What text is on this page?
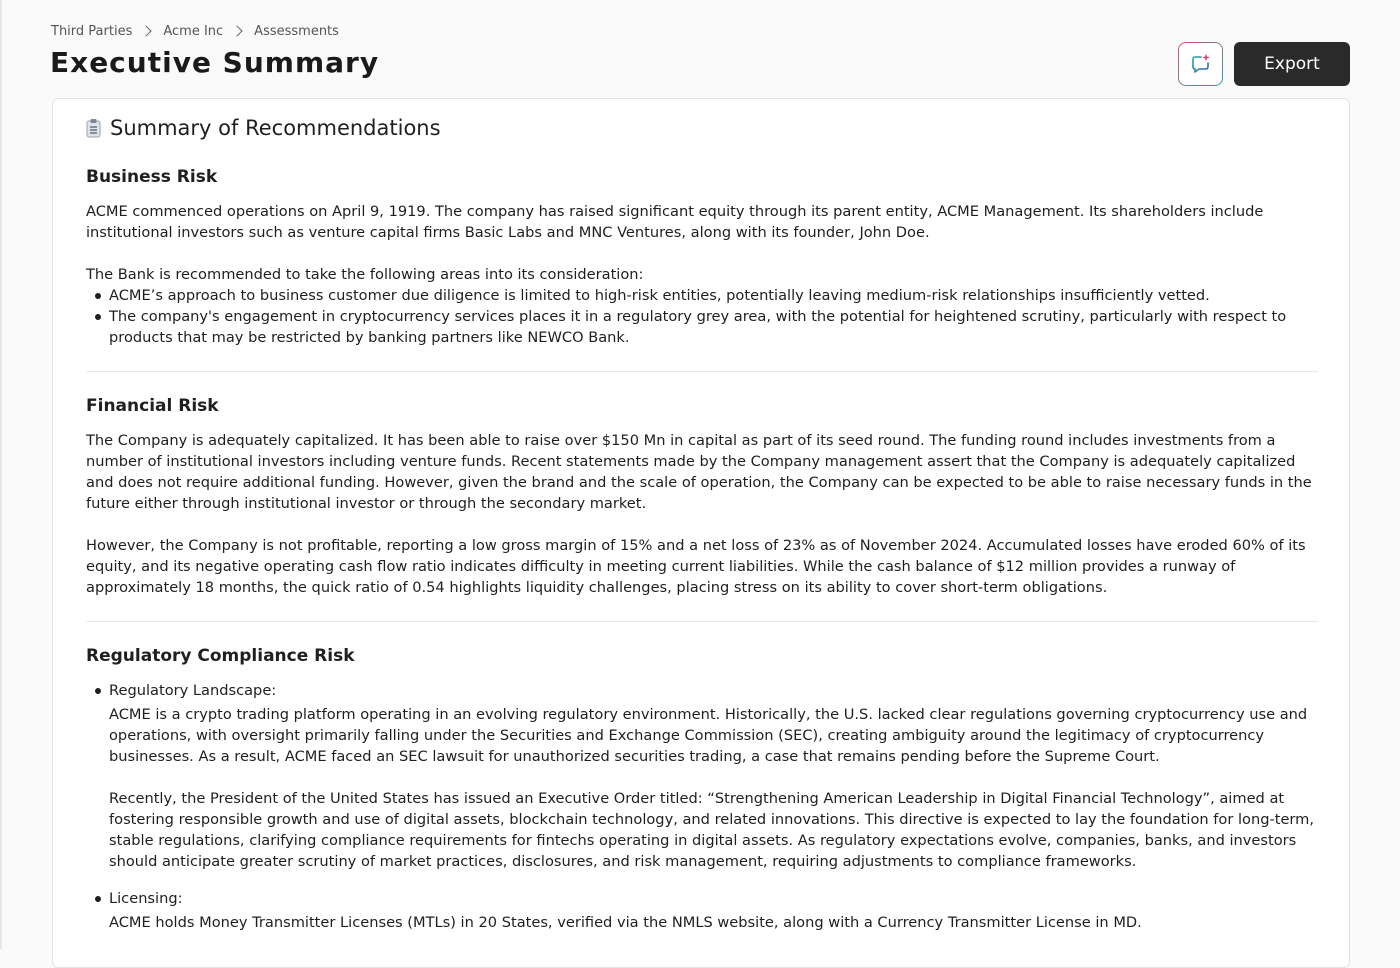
Third Parties Acme Inc Assessments
Executive Summary	Export
Summary of Recommendations
Business Risk

ACME commenced operations on April 9, 1919. The company has raised significant equity through its parent entity, ACME Management. Its shareholders include institutional investors such as venture capital firms Basic Labs and MNC Ventures, along with its founder, John Doe.

The Bank is recommended to take the following areas into its consideration:

ACME’s approach to business customer due diligence is limited to high-risk entities, potentially leaving medium-risk relationships insufficiently vetted.
The company's engagement in cryptocurrency services places it in a regulatory grey area, with the potential for heightened scrutiny, particularly with respect to products that may be restricted by banking partners like NEWCO Bank.
Financial Risk

The Company is adequately capitalized. It has been able to raise over $150 Mn in capital as part of its seed round. The funding round includes investments from a number of institutional investors including venture funds. Recent statements made by the Company management assert that the Company is adequately capitalized and does not require additional funding. However, given the brand and the scale of operation, the Company can be expected to be able to raise necessary funds in the future either through institutional investor or through the secondary market.

However, the Company is not profitable, reporting a low gross margin of 15% and a net loss of 23% as of November 2024. Accumulated losses have eroded 60% of its equity, and its negative operating cash flow ratio indicates difficulty in meeting current liabilities. While the cash balance of $12 million provides a runway of approximately 18 months, the quick ratio of 0.54 highlights liquidity challenges, placing stress on its ability to cover short-term obligations.

Regulatory Compliance Risk
Regulatory Landscape:

ACME is a crypto trading platform operating in an evolving regulatory environment. Historically, the U.S. lacked clear regulations governing cryptocurrency use and operations, with oversight primarily falling under the Securities and Exchange Commission (SEC), creating ambiguity around the legitimacy of cryptocurrency businesses. As a result, ACME faced an SEC lawsuit for unauthorized securities trading, a case that remains pending before the Supreme Court.

Recently, the President of the United States has issued an Executive Order titled: “Strengthening American Leadership in Digital Financial Technology”, aimed at fostering responsible growth and use of digital assets, blockchain technology, and related innovations. This directive is expected to lay the foundation for long-term, stable regulations, clarifying compliance requirements for fintechs operating in digital assets. As regulatory expectations evolve, companies, banks, and investors should anticipate greater scrutiny of market practices, disclosures, and risk management, requiring adjustments to compliance frameworks.

Licensing:

ACME holds Money Transmitter Licenses (MTLs) in 20 States, verified via the NMLS website, along with a Currency Transmitter License in MD.
